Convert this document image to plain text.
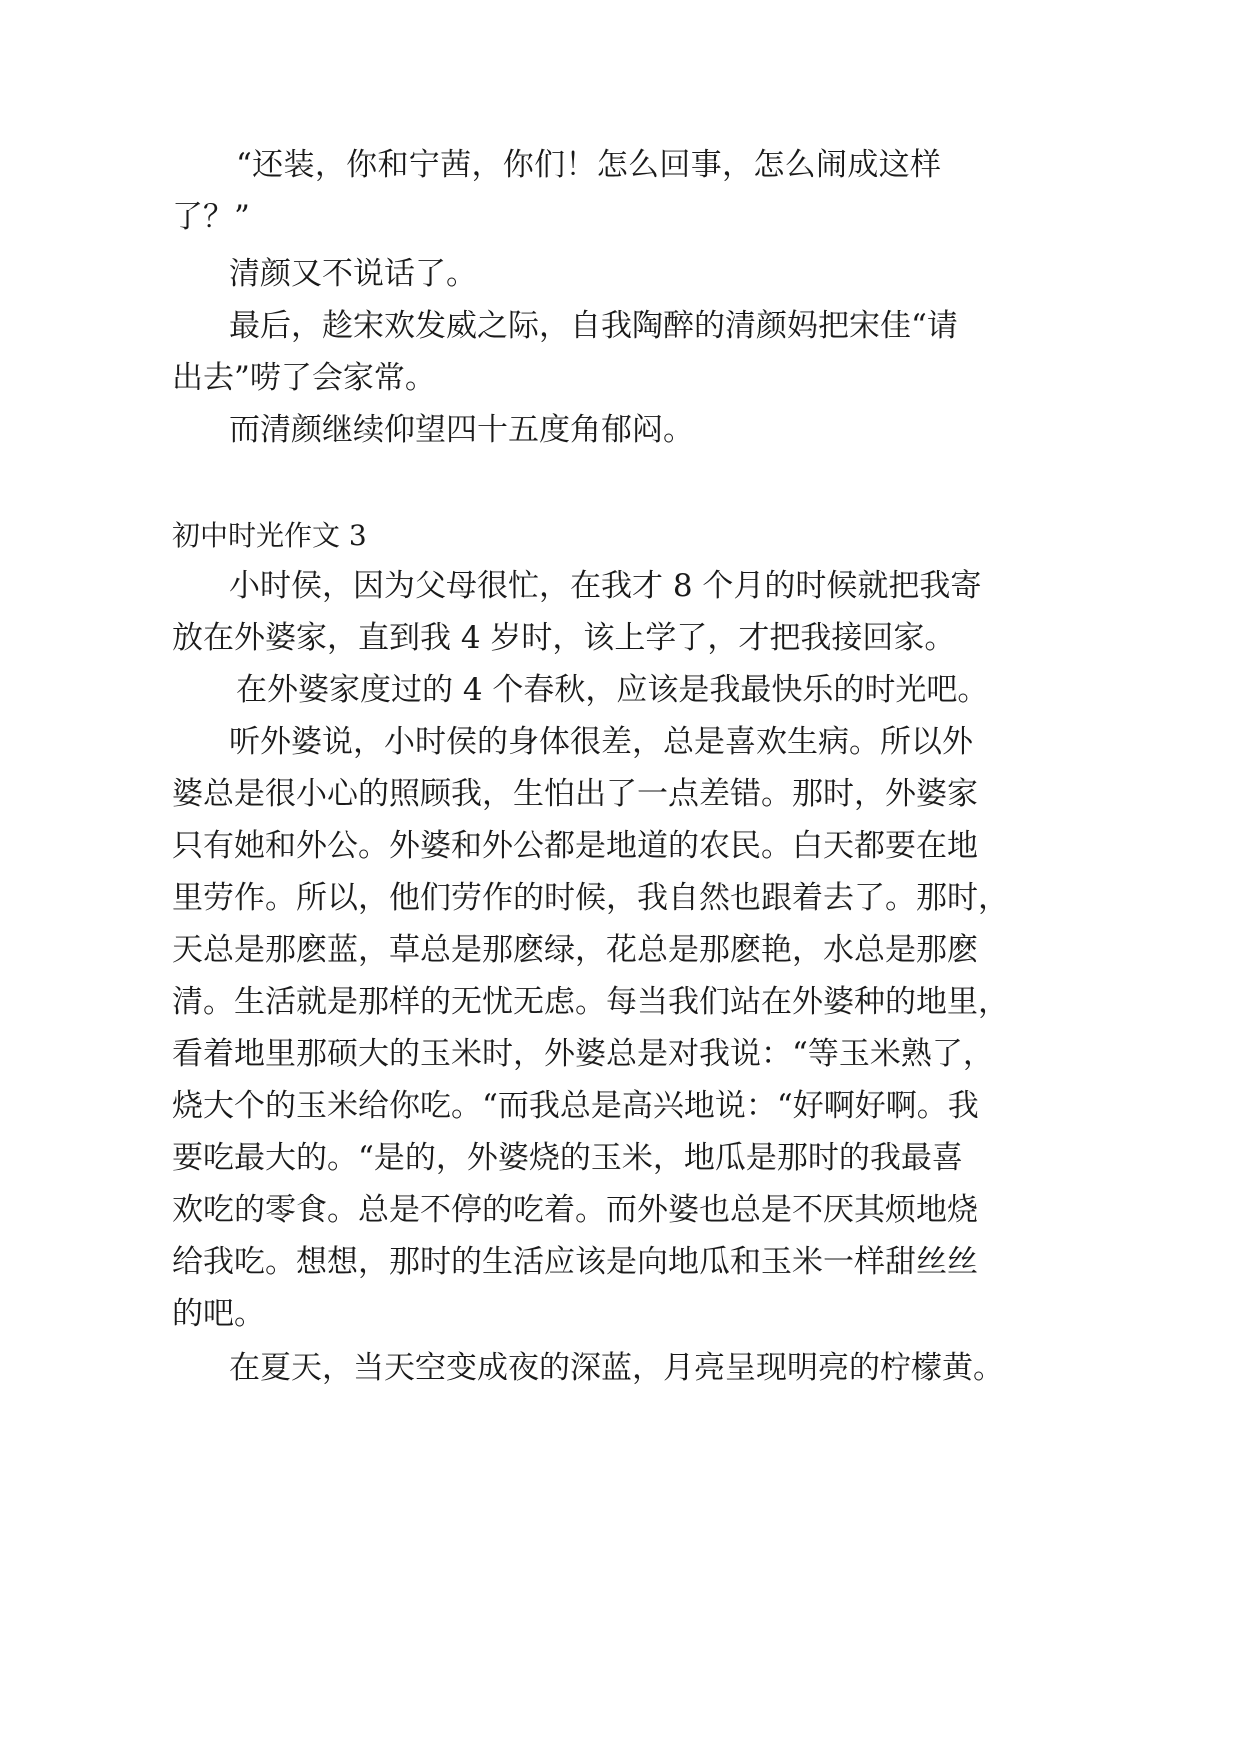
“还装，你和宁茜，你们！怎么回事，怎么闹成这样
了？”
清颜又不说话了。
最后，趁宋欢发威之际，自我陶醉的清颜妈把宋佳“请
出去”唠了会家常。
而清颜继续仰望四十五度角郁闷。
初中时光作文 3
小时侯，因为父母很忙，在我才 8 个月的时候就把我寄
放在外婆家，直到我 4 岁时，该上学了，才把我接回家。
在外婆家度过的 4 个春秋，应该是我最快乐的时光吧。
听外婆说，小时侯的身体很差，总是喜欢生病。所以外
婆总是很小心的照顾我，生怕出了一点差错。那时，外婆家
只有她和外公。外婆和外公都是地道的农民。白天都要在地
里劳作。所以，他们劳作的时候，我自然也跟着去了。那时，
天总是那麽蓝，草总是那麽绿，花总是那麽艳，水总是那麽
清。生活就是那样的无忧无虑。每当我们站在外婆种的地里，
看着地里那硕大的玉米时，外婆总是对我说：“等玉米熟了，
烧大个的玉米给你吃。“而我总是高兴地说：“好啊好啊。我
要吃最大的。“是的，外婆烧的玉米，地瓜是那时的我最喜
欢吃的零食。总是不停的吃着。而外婆也总是不厌其烦地烧
给我吃。想想，那时的生活应该是向地瓜和玉米一样甜丝丝
的吧。
在夏天，当天空变成夜的深蓝，月亮呈现明亮的柠檬黄。
